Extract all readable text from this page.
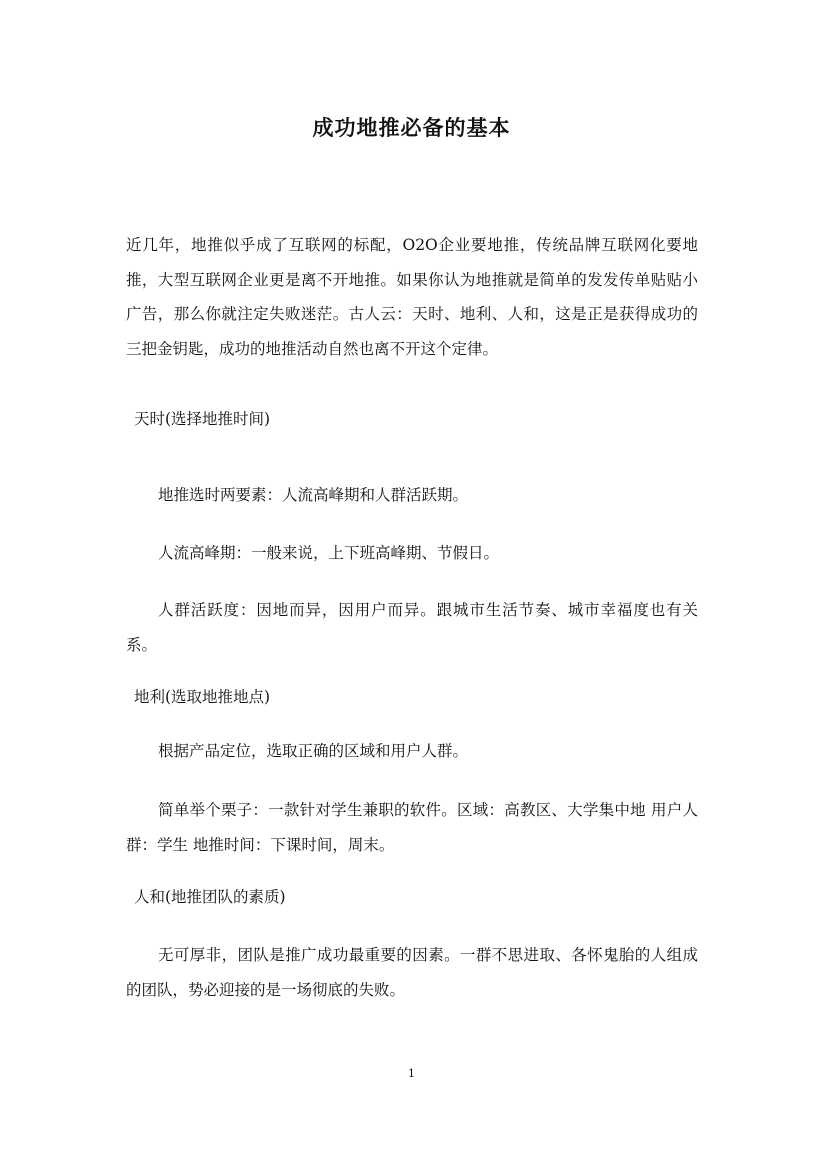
成功地推必备的基本

近几年，地推似乎成了互联网的标配，O2O企业要地推，传统品牌互联网化要地推，大型互联网企业更是离不开地推。如果你认为地推就是简单的发发传单贴贴小广告，那么你就注定失败迷茫。古人云：天时、地利、人和，这是正是获得成功的三把金钥匙，成功的地推活动自然也离不开这个定律。

天时(选择地推时间)

地推选时两要素：人流高峰期和人群活跃期。

人流高峰期：一般来说，上下班高峰期、节假日。

人群活跃度：因地而异，因用户而异。跟城市生活节奏、城市幸福度也有关系。

地利(选取地推地点)

根据产品定位，选取正确的区域和用户人群。

简单举个栗子：一款针对学生兼职的软件。区域：高教区、大学集中地 用户人群：学生 地推时间：下课时间，周末。

人和(地推团队的素质)

无可厚非，团队是推广成功最重要的因素。一群不思进取、各怀鬼胎的人组成的团队，势必迎接的是一场彻底的失败。

1
